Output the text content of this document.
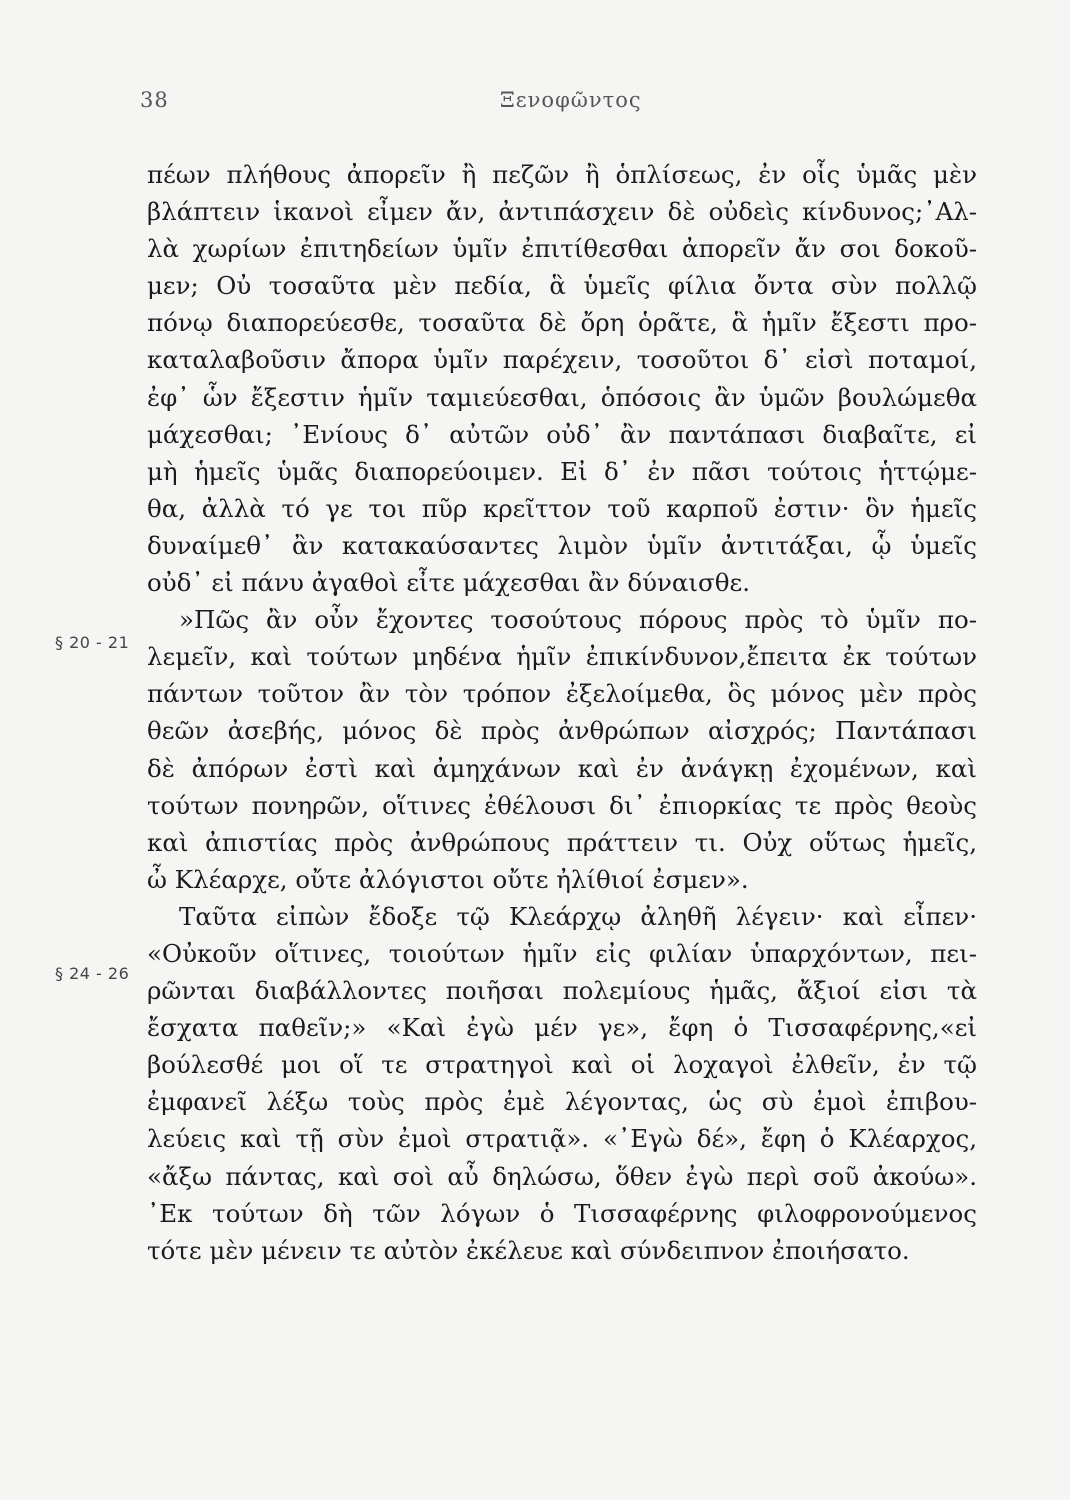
38	Ξενοφῶντος
§ 20 - 21
§ 24 - 26
πέων πλήθους ἀπορεῖν ἢ πεζῶν ἢ ὁπλίσεως, ἐν οἷς ὑμᾶς μὲν
βλάπτειν ἱκανοὶ εἶμεν ἄν, ἀντιπάσχειν δὲ οὐδεὶς κίνδυνος;᾿Αλ-
λὰ χωρίων ἐπιτηδείων ὑμῖν ἐπιτίθεσθαι ἀπορεῖν ἄν σοι δοκοῦ-
μεν; Οὐ τοσαῦτα μὲν πεδία, ἃ ὑμεῖς φίλια ὄντα σὺν πολλῷ
πόνῳ διαπορεύεσθε, τοσαῦτα δὲ ὄρη ὁρᾶτε, ἃ ἡμῖν ἔξεστι προ-
καταλαβοῦσιν ἄπορα ὑμῖν παρέχειν, τοσοῦτοι δ᾿ εἰσὶ ποταμοί,
ἐφ᾿ ὧν ἔξεστιν ἡμῖν ταμιεύεσθαι, ὁπόσοις ἂν ὑμῶν βουλώμεθα
μάχεσθαι; ᾿Ενίους δ᾿ αὐτῶν οὐδ᾿ ἂν παντάπασι διαβαῖτε, εἰ
μὴ ἡμεῖς ὑμᾶς διαπορεύοιμεν. Εἰ δ᾿ ἐν πᾶσι τούτοις ἡττῴμε-
θα, ἀλλὰ τό γε τοι πῦρ κρεῖττον τοῦ καρποῦ ἐστιν· ὃν ἡμεῖς
δυναίμεθ᾿ ἂν κατακαύσαντες λιμὸν ὑμῖν ἀντιτάξαι, ᾧ ὑμεῖς
οὐδ᾿ εἰ πάνυ ἀγαθοὶ εἶτε μάχεσθαι ἂν δύναισθε.
»Πῶς ἂν οὖν ἔχοντες τοσούτους πόρους πρὸς τὸ ὑμῖν πο-
λεμεῖν, καὶ τούτων μηδένα ἡμῖν ἐπικίνδυνον,ἔπειτα ἐκ τούτων
πάντων τοῦτον ἂν τὸν τρόπον ἐξελοίμεθα, ὃς μόνος μὲν πρὸς
θεῶν ἀσεβής, μόνος δὲ πρὸς ἀνθρώπων αἰσχρός; Παντάπασι
δὲ ἀπόρων ἐστὶ καὶ ἀμηχάνων καὶ ἐν ἀνάγκῃ ἐχομένων, καὶ
τούτων πονηρῶν, οἵτινες ἐθέλουσι δι᾿ ἐπιορκίας τε πρὸς θεοὺς
καὶ ἀπιστίας πρὸς ἀνθρώπους πράττειν τι. Οὐχ οὕτως ἡμεῖς,
ὦ Κλέαρχε, οὔτε ἀλόγιστοι οὔτε ἠλίθιοί ἐσμεν».
Ταῦτα εἰπὼν ἔδοξε τῷ Κλεάρχῳ ἀληθῆ λέγειν· καὶ εἶπεν·
«Οὐκοῦν οἵτινες, τοιούτων ἡμῖν εἰς φιλίαν ὑπαρχόντων, πει-
ρῶνται διαβάλλοντες ποιῆσαι πολεμίους ἡμᾶς, ἄξιοί εἰσι τὰ
ἔσχατα παθεῖν;» «Καὶ ἐγὼ μέν γε», ἔφη ὁ Τισσαφέρνης,«εἰ
βούλεσθέ μοι οἵ τε στρατηγοὶ καὶ οἱ λοχαγοὶ ἐλθεῖν, ἐν τῷ
ἐμφανεῖ λέξω τοὺς πρὸς ἐμὲ λέγοντας, ὡς σὺ ἐμοὶ ἐπιβου-
λεύεις καὶ τῇ σὺν ἐμοὶ στρατιᾷ». «᾿Εγὼ δέ», ἔφη ὁ Κλέαρχος,
«ἄξω πάντας, καὶ σοὶ αὖ δηλώσω, ὅθεν ἐγὼ περὶ σοῦ ἀκούω».
᾿Εκ τούτων δὴ τῶν λόγων ὁ Τισσαφέρνης φιλοφρονούμενος
τότε μὲν μένειν τε αὐτὸν ἐκέλευε καὶ σύνδειπνον ἐποιήσατο.
